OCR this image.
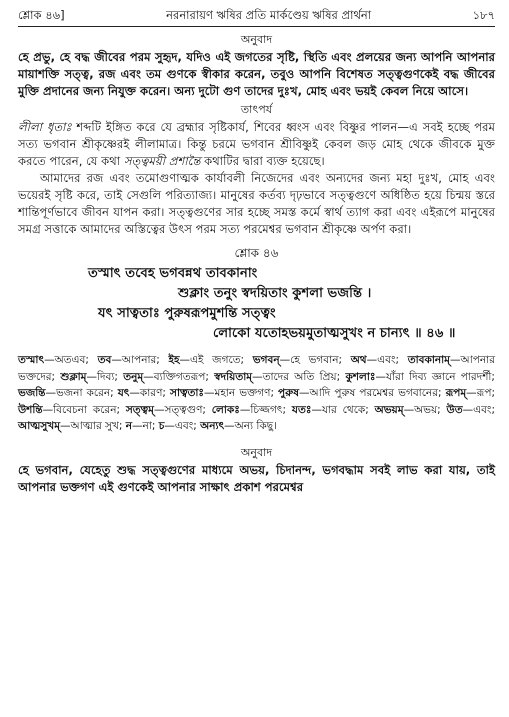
শ্লোক ৪৬]	নরনারায়ণ ঋষির প্রতি মার্কণ্ডেয় ঋষির প্রার্থনা	১৮৭
অনুবাদ

হে প্রভু, হে বদ্ধ জীবের পরম সুহৃদ, যদিও এই জগতের সৃষ্টি, স্থিতি এবং প্রলয়ের জন্য আপনি আপনার মায়াশক্তি সত্ত্ব, রজ এবং তম গুণকে স্বীকার করেন, তবুও আপনি বিশেষত সত্ত্বগুণকেই বদ্ধ জীবের মুক্তি প্রদানের জন্য নিযুক্ত করেন। অন্য দুটো গুণ তাদের দুঃখ, মোহ এবং ভয়ই কেবল নিয়ে আসে।

তাৎপর্য

লীলা ধৃতাঃ শব্দটি ইঙ্গিত করে যে ব্রহ্মার সৃষ্টিকার্য, শিবের ধ্বংস এবং বিষ্ণুর পালন—এ সবই হচ্ছে পরম সত্য ভগবান শ্রীকৃষ্ণেরই লীলামাত্র। কিন্তু চরমে ভগবান শ্রীবিষ্ণুই কেবল জড় মোহ থেকে জীবকে মুক্ত করতে পারেন, যে কথা সত্ত্বময়ী প্রশান্তৈ কথাটির দ্বারা ব্যক্ত হয়েছে।

আমাদের রজ এবং তমোগুণাত্মক কার্যাবলী নিজেদের এবং অন্যদের জন্য মহা দুঃখ, মোহ এবং ভয়েরই সৃষ্টি করে, তাই সেগুলি পরিত্যাজ্য। মানুষের কর্তব্য দৃঢ়ভাবে সত্ত্বগুণে অধিষ্ঠিত হয়ে চিন্ময় স্তরে শান্তিপূর্ণভাবে জীবন যাপন করা। সত্ত্বগুণের সার হচ্ছে সমস্ত কর্মে স্বার্থ ত্যাগ করা এবং এইরূপে মানুষের সমগ্র সত্তাকে আমাদের অস্তিত্বের উৎস পরম সত্য পরমেশ্বর ভগবান শ্রীকৃষ্ণে অর্পণ করা।

শ্লোক ৪৬
তস্মাৎ তবেহ ভগবন্নথ তাবকানাং
শুক্লাং তনুং স্বদয়িতাং কুশলা ভজন্তি ।
যৎ সাত্বতাঃ পুরুষরূপমুশন্তি সত্ত্বং
লোকো যতোহভয়মুতাত্মসুখং ন চান্যৎ ॥ ৪৬ ॥

তস্মাৎ—অতএব; তব—আপনার; ইহ—এই জগতে; ভগবন্—হে ভগবান; অথ—এবং; তাবকানাম্—আপনার ভক্তদের; শুক্লাম্—দিব্য; তনুম্—ব্যক্তিগতরূপ; স্বদয়িতাম্—তাদের অতি প্রিয়; কুশলাঃ—যাঁরা দিব্য জ্ঞানে পারদর্শী; ভজন্তি—ভজনা করেন; যৎ—কারণ; সাত্বতাঃ—মহান ভক্তগণ; পুরুষ—আদি পুরুষ পরমেশ্বর ভগবানের; রূপম্—রূপ; উশন্তি—বিবেচনা করেন; সত্ত্বম্—সত্ত্বগুণ; লোকঃ—চিজ্জগৎ; যতঃ—যার থেকে; অভয়ম্—অভয়; উত—এবং; আত্মসুখম্—আত্মার সুখ; ন—না; চ—এবং; অন্যৎ—অন্য কিছু।

অনুবাদ

হে ভগবান, যেহেতু শুদ্ধ সত্ত্বগুণের মাধ্যমে অভয়, চিদানন্দ, ভগবদ্ধাম সবই লাভ করা যায়, তাই আপনার ভক্তগণ এই গুণকেই আপনার সাক্ষাৎ প্রকাশ পরমেশ্বর
